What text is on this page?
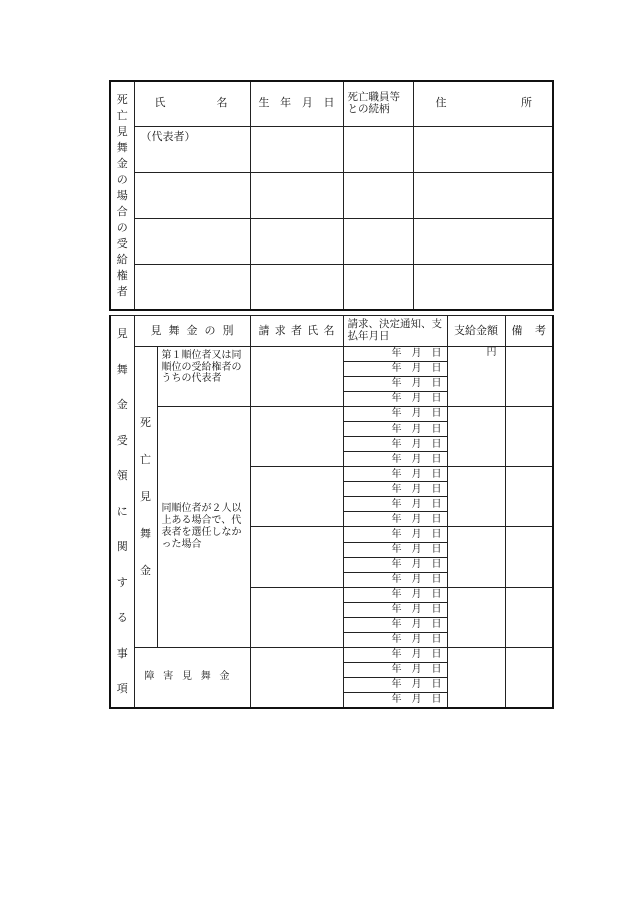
死亡見舞金の場合の受給権者	氏 名	生 年 月 日	死亡職員等との続柄	住 所
	（代表者）			

見舞金受領に関する事項	見舞金の別		請求者氏名	請求、決定通知、支払年月日	支給金額	備 考

	死亡見舞金	第１順位者又は同順位の受給権者のうちの代表者		年　月　日	円	
				年　月　日		
				年　月　日		
				年　月　日		
		同順位者が２人以上ある場合で、代表者を選任しなかった場合		年　月　日		
				年　月　日		
				年　月　日		
				年　月　日		
				年　月　日		
				年　月　日		
				年　月　日		
				年　月　日		
				年　月　日		
				年　月　日		
				年　月　日		
				年　月　日		
				年　月　日		
				年　月　日		
				年　月　日		
				年　月　日		
	障害見舞金			年　月　日		
				年　月　日		
				年　月　日		
				年　月　日		
